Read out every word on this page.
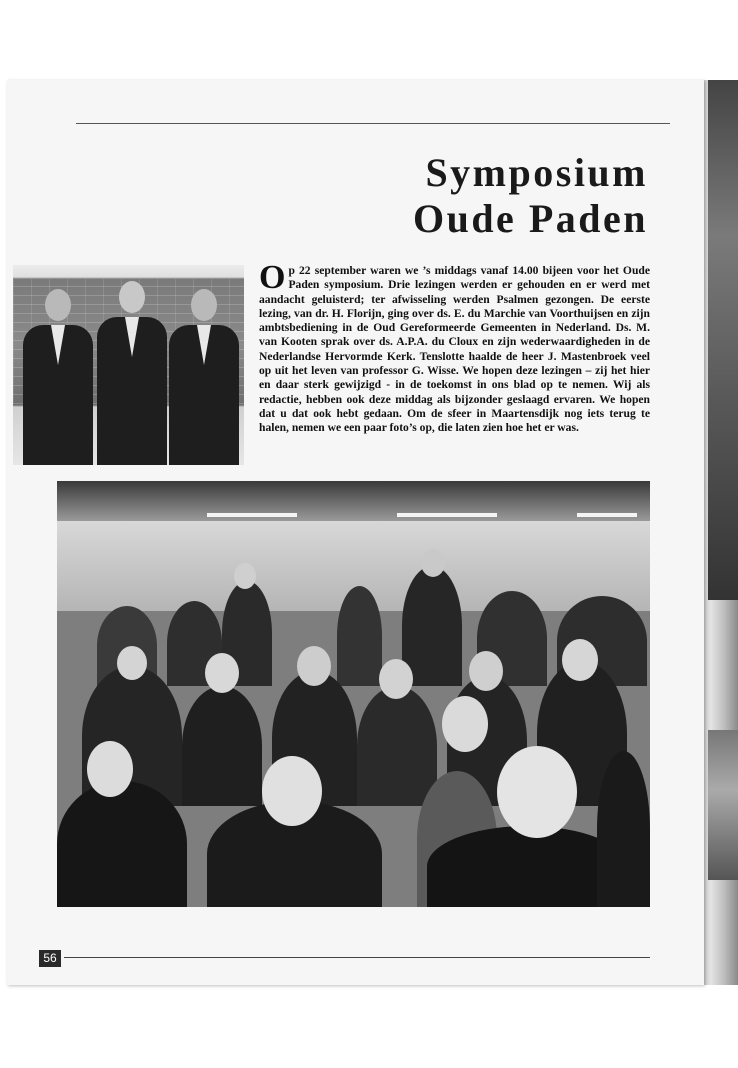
Symposium
Oude Paden
Op 22 september waren we ’s middags vanaf 14.00 bijeen voor het Oude Paden symposium. Drie lezingen werden er gehouden en er werd met aandacht geluisterd; ter afwisseling werden Psalmen gezongen. De eerste lezing, van dr. H. Florijn, ging over ds. E. du Marchie van Voorthuijsen en zijn ambtsbediening in de Oud Gereformeerde Gemeenten in Nederland. Ds. M. van Kooten sprak over ds. A.P.A. du Cloux en zijn wederwaardigheden in de Nederlandse Hervormde Kerk. Tenslotte haalde de heer J. Mastenbroek veel op uit het leven van professor G. Wisse. We hopen deze lezingen – zij het hier en daar sterk gewijzigd - in de toekomst in ons blad op te nemen. Wij als redactie, hebben ook deze middag als bijzonder geslaagd ervaren. We hopen dat u dat ook hebt gedaan. Om de sfeer in Maartensdijk nog iets terug te halen, nemen we een paar foto’s op, die laten zien hoe het er was.
56
